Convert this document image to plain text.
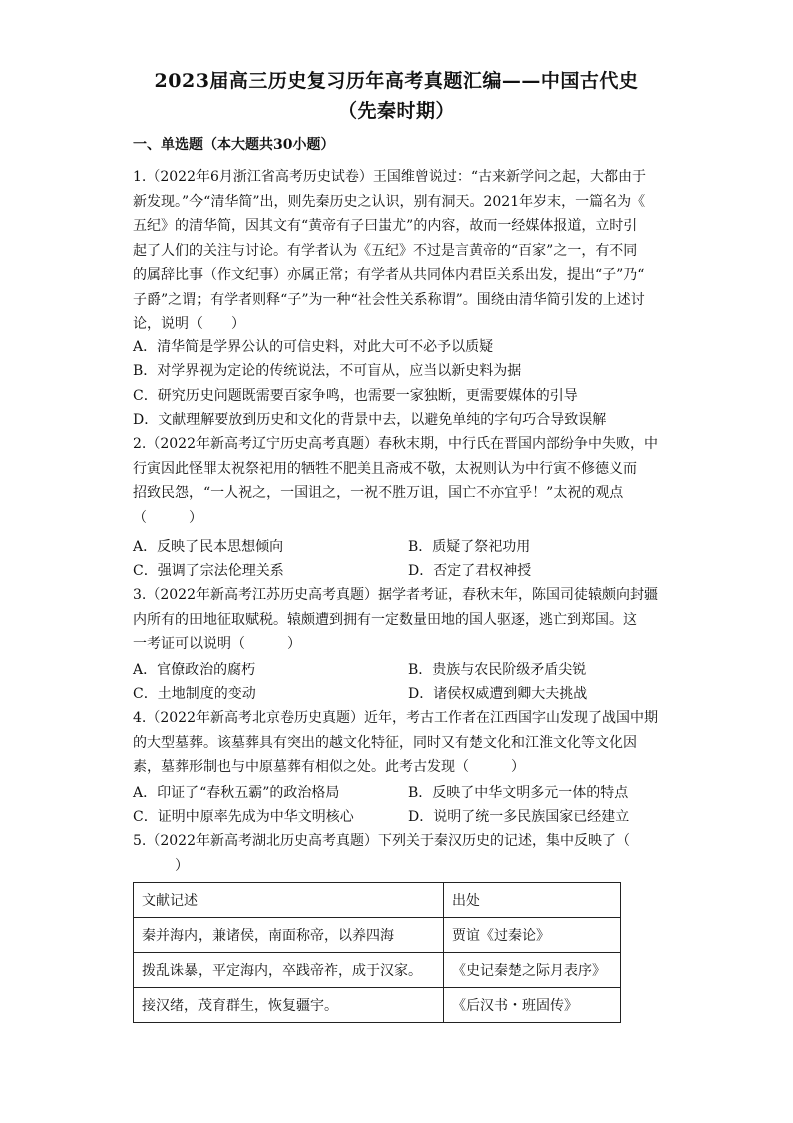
2023届高三历史复习历年高考真题汇编——中国古代史
（先秦时期）
一、单选题（本大题共30小题）
1.（2022年6月浙江省高考历史试卷）王国维曾说过：“古来新学问之起，大都由于
新发现。”今“清华简”出，则先秦历史之认识，别有洞天。2021年岁末，一篇名为《
五纪》的清华简，因其文有“黄帝有子曰蚩尤”的内容，故而一经媒体报道，立时引
起了人们的关注与讨论。有学者认为《五纪》不过是言黄帝的“百家”之一，有不同
的属辞比事（作文纪事）亦属正常；有学者从共同体内君臣关系出发，提出“子”乃“
子爵”之谓；有学者则释“子”为一种“社会性关系称谓”。围绕由清华简引发的上述讨
论，说明（　　）
A．清华简是学界公认的可信史料，对此大可不必予以质疑
B．对学界视为定论的传统说法，不可盲从，应当以新史料为据
C．研究历史问题既需要百家争鸣，也需要一家独断，更需要媒体的引导
D．文献理解要放到历史和文化的背景中去，以避免单纯的字句巧合导致误解
2.（2022年新高考辽宁历史高考真题）春秋末期，中行氏在晋国内部纷争中失败，中
行寅因此怪罪太祝祭祀用的牺牲不肥美且斋戒不敬，太祝则认为中行寅不修德义而
招致民怨，“一人祝之，一国诅之，一祝不胜万诅，国亡不亦宜乎！”太祝的观点
（　　　）
A．反映了民本思想倾向	B．质疑了祭祀功用
C．强调了宗法伦理关系	D．否定了君权神授
3.（2022年新高考江苏历史高考真题）据学者考证，春秋末年，陈国司徒辕颇向封疆
内所有的田地征取赋税。辕颇遭到拥有一定数量田地的国人驱逐，逃亡到郑国。这
一考证可以说明（　　　）
A．官僚政治的腐朽	B．贵族与农民阶级矛盾尖锐
C．土地制度的变动	D．诸侯权威遭到卿大夫挑战
4.（2022年新高考北京卷历史真题）近年，考古工作者在江西国字山发现了战国中期
的大型墓葬。该墓葬具有突出的越文化特征，同时又有楚文化和江淮文化等文化因
素，墓葬形制也与中原墓葬有相似之处。此考古发现（　　　）
A．印证了“春秋五霸”的政治格局	B．反映了中华文明多元一体的特点
C．证明中原率先成为中华文明核心	D．说明了统一多民族国家已经建立
5.（2022年新高考湖北历史高考真题）下列关于秦汉历史的记述，集中反映了（
　　　）
文献记述	出处
秦并海内，兼诸侯，南面称帝，以养四海	贾谊《过秦论》
拨乱诛暴，平定海内，卒践帝祚，成于汉家。	《史记秦楚之际月表序》
接汉绪，茂育群生，恢复疆宇。	《后汉书・班固传》
